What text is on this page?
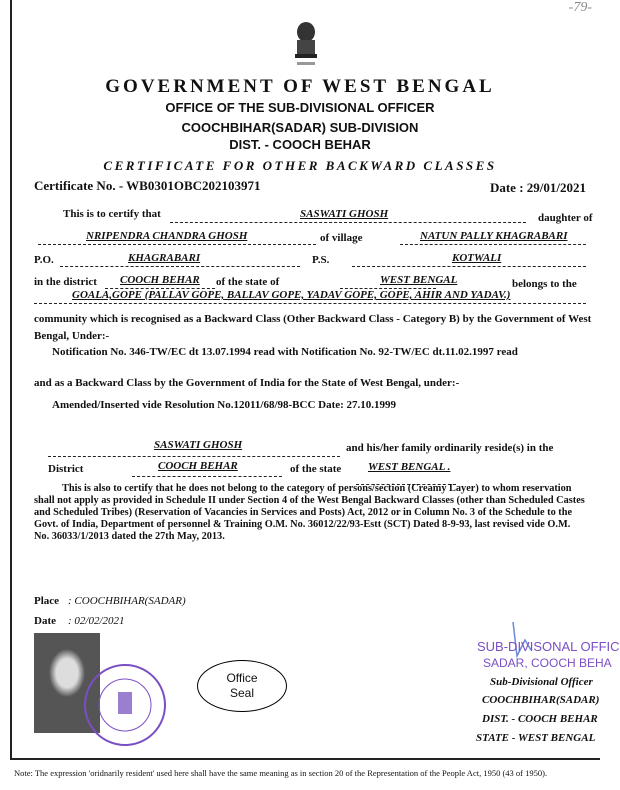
-79-
GOVERNMENT OF WEST BENGAL
OFFICE OF THE SUB-DIVISIONAL OFFICER
COOCHBIHAR(SADAR) SUB-DIVISION
DIST. - COOCH BEHAR
CERTIFICATE FOR OTHER BACKWARD CLASSES
Certificate No. - WB0301OBC202103971	Date : 29/01/2021
This is to certify that	SASWATI GHOSH	daughter of
NRIPENDRA CHANDRA GHOSH	of village	NATUN PALLY KHAGRABARI
P.O.	KHAGRABARI	P.S.	KOTWALI
in the district COOCH BEHAR of the state of	WEST BENGAL	belongs to the
GOALA,GOPE (PALLAV GOPE, BALLAV GOPE, YADAV GOPE, GOPE, AHIR AND YADAV.)
community which is recognised as a Backward Class (Other Backward Class - Category B) by the Government of West
Bengal, Under:-
Notification No. 346-TW/EC dt 13.07.1994 read with Notification No. 92-TW/EC dt.11.02.1997 read
and as a Backward Class by the Government of India for the State of West Bengal, under:-
Amended/Inserted vide Resolution No.12011/68/98-BCC Date: 27.10.1999
SASWATI GHOSH	and his/her family ordinarily reside(s) in the
District	COOCH BEHAR	of the state WEST BENGAL .
This is also to certify that he does not belong to the category of persons/section (Creamy Layer) to whom reservation
shall not apply as provided in Schedule II under Section 4 of the West Bengal Backward Classes (other than Scheduled Castes
and Scheduled Tribes) (Reservation of Vacancies in Services and Posts) Act, 2012 or in Column No. 3 of the Schedule to the
Govt. of India, Department of personnel & Training O.M. No. 36012/22/93-Estt (SCT) Dated 8-9-93, last revised vide O.M.
No. 36033/1/2013 dated the 27th May, 2013.
Place : COOCHBIHAR(SADAR)
Date : 02/02/2021
Office
Seal
SUB-DIVISONAL OFFIC
SADAR, COOCH BEHA
Sub-Divisional Officer
COOCHBIHAR(SADAR)
DIST. - COOCH BEHAR
STATE - WEST BENGAL
Note: The expression 'oridnarily resident' used here shall have the same meaning as in section 20 of the Representation of the People Act, 1950 (43 of 1950).
